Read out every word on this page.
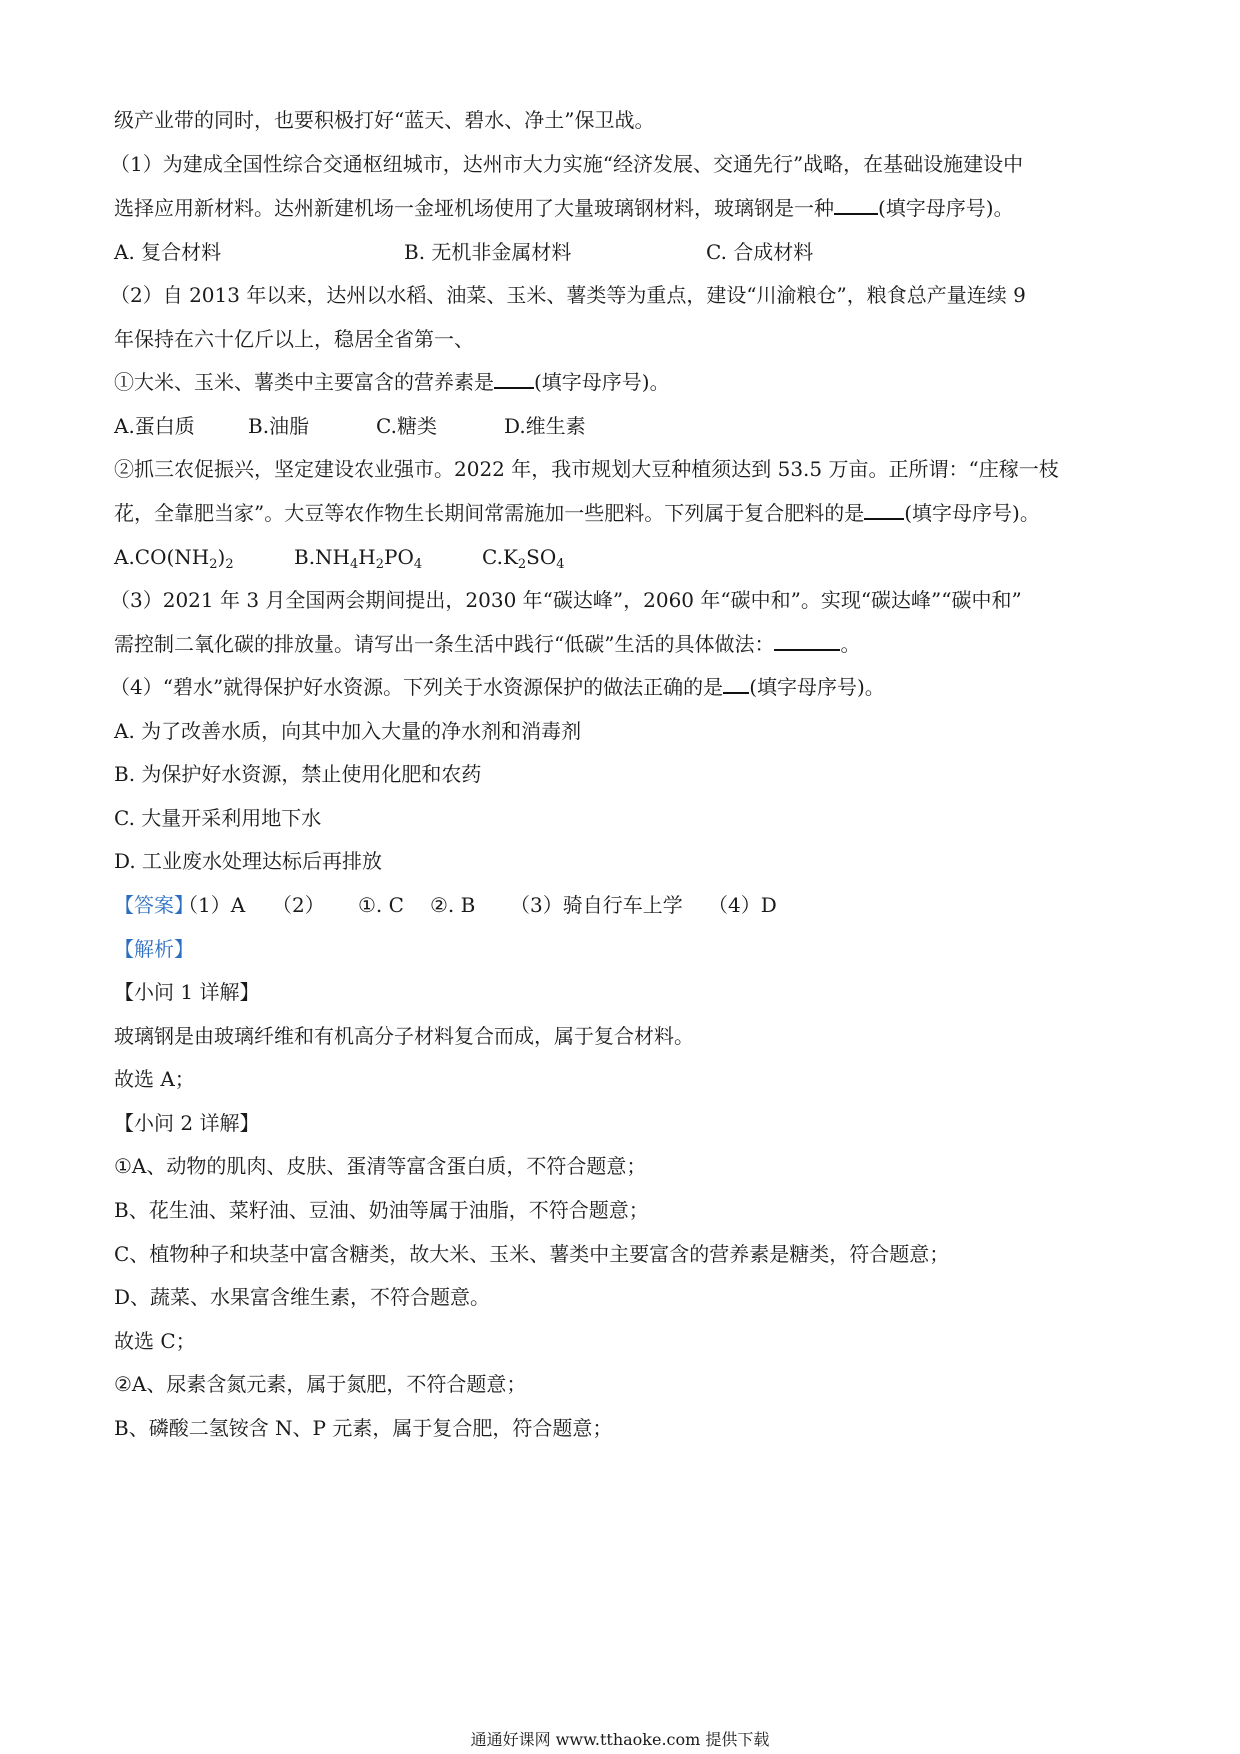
级产业带的同时，也要积极打好“蓝天、碧水、净土”保卫战。
（1）为建成全国性综合交通枢纽城市，达州市大力实施“经济发展、交通先行”战略，在基础设施建设中
选择应用新材料。达州新建机场一金垭机场使用了大量玻璃钢材料，玻璃钢是一种 (填字母序号)。
A. 复合材料	B. 无机非金属材料	C. 合成材料
（2）自 2013 年以来，达州以水稻、油菜、玉米、薯类等为重点，建设“川渝粮仓”，粮食总产量连续 9
年保持在六十亿斤以上，稳居全省第一、
①大米、玉米、薯类中主要富含的营养素是 (填字母序号)。
A.蛋白质	B.油脂	C.糖类	D.维生素
②抓三农促振兴，坚定建设农业强市。2022 年，我市规划大豆种植须达到 53.5 万亩。正所谓：“庄稼一枝
花，全靠肥当家”。大豆等农作物生长期间常需施加一些肥料。下列属于复合肥料的是 (填字母序号)。
$A.CO(NH_2)_2$	$B.NH_4H_2PO_4$	$C.K_2SO_4$
（3）2021 年 3 月全国两会期间提出，2030 年“碳达峰”，2060 年“碳中和”。实现“碳达峰”“碳中和”
需控制二氧化碳的排放量。请写出一条生活中践行“低碳”生活的具体做法：	。
（4）“碧水”就得保护好水资源。下列关于水资源保护的做法正确的是 (填字母序号)。
A. 为了改善水质，向其中加入大量的净水剂和消毒剂
B. 为保护好水资源，禁止使用化肥和农药
C. 大量开采利用地下水
D. 工业废水处理达标后再排放
【答案】
（1）A （2） ①. C ②. B （3）骑自行车上学 （4）D
【解析】
【小问 1 详解】
玻璃钢是由玻璃纤维和有机高分子材料复合而成，属于复合材料。
故选 A；
【小问 2 详解】
①A、动物的肌肉、皮肤、蛋清等富含蛋白质，不符合题意；
B、花生油、菜籽油、豆油、奶油等属于油脂，不符合题意；
C、植物种子和块茎中富含糖类，故大米、玉米、薯类中主要富含的营养素是糖类，符合题意；
D、蔬菜、水果富含维生素，不符合题意。
故选 C；
②A、尿素含氮元素，属于氮肥，不符合题意；
B、磷酸二氢铵含 N、P 元素，属于复合肥，符合题意；
通通好课网 www.tthaoke.com 提供下载
